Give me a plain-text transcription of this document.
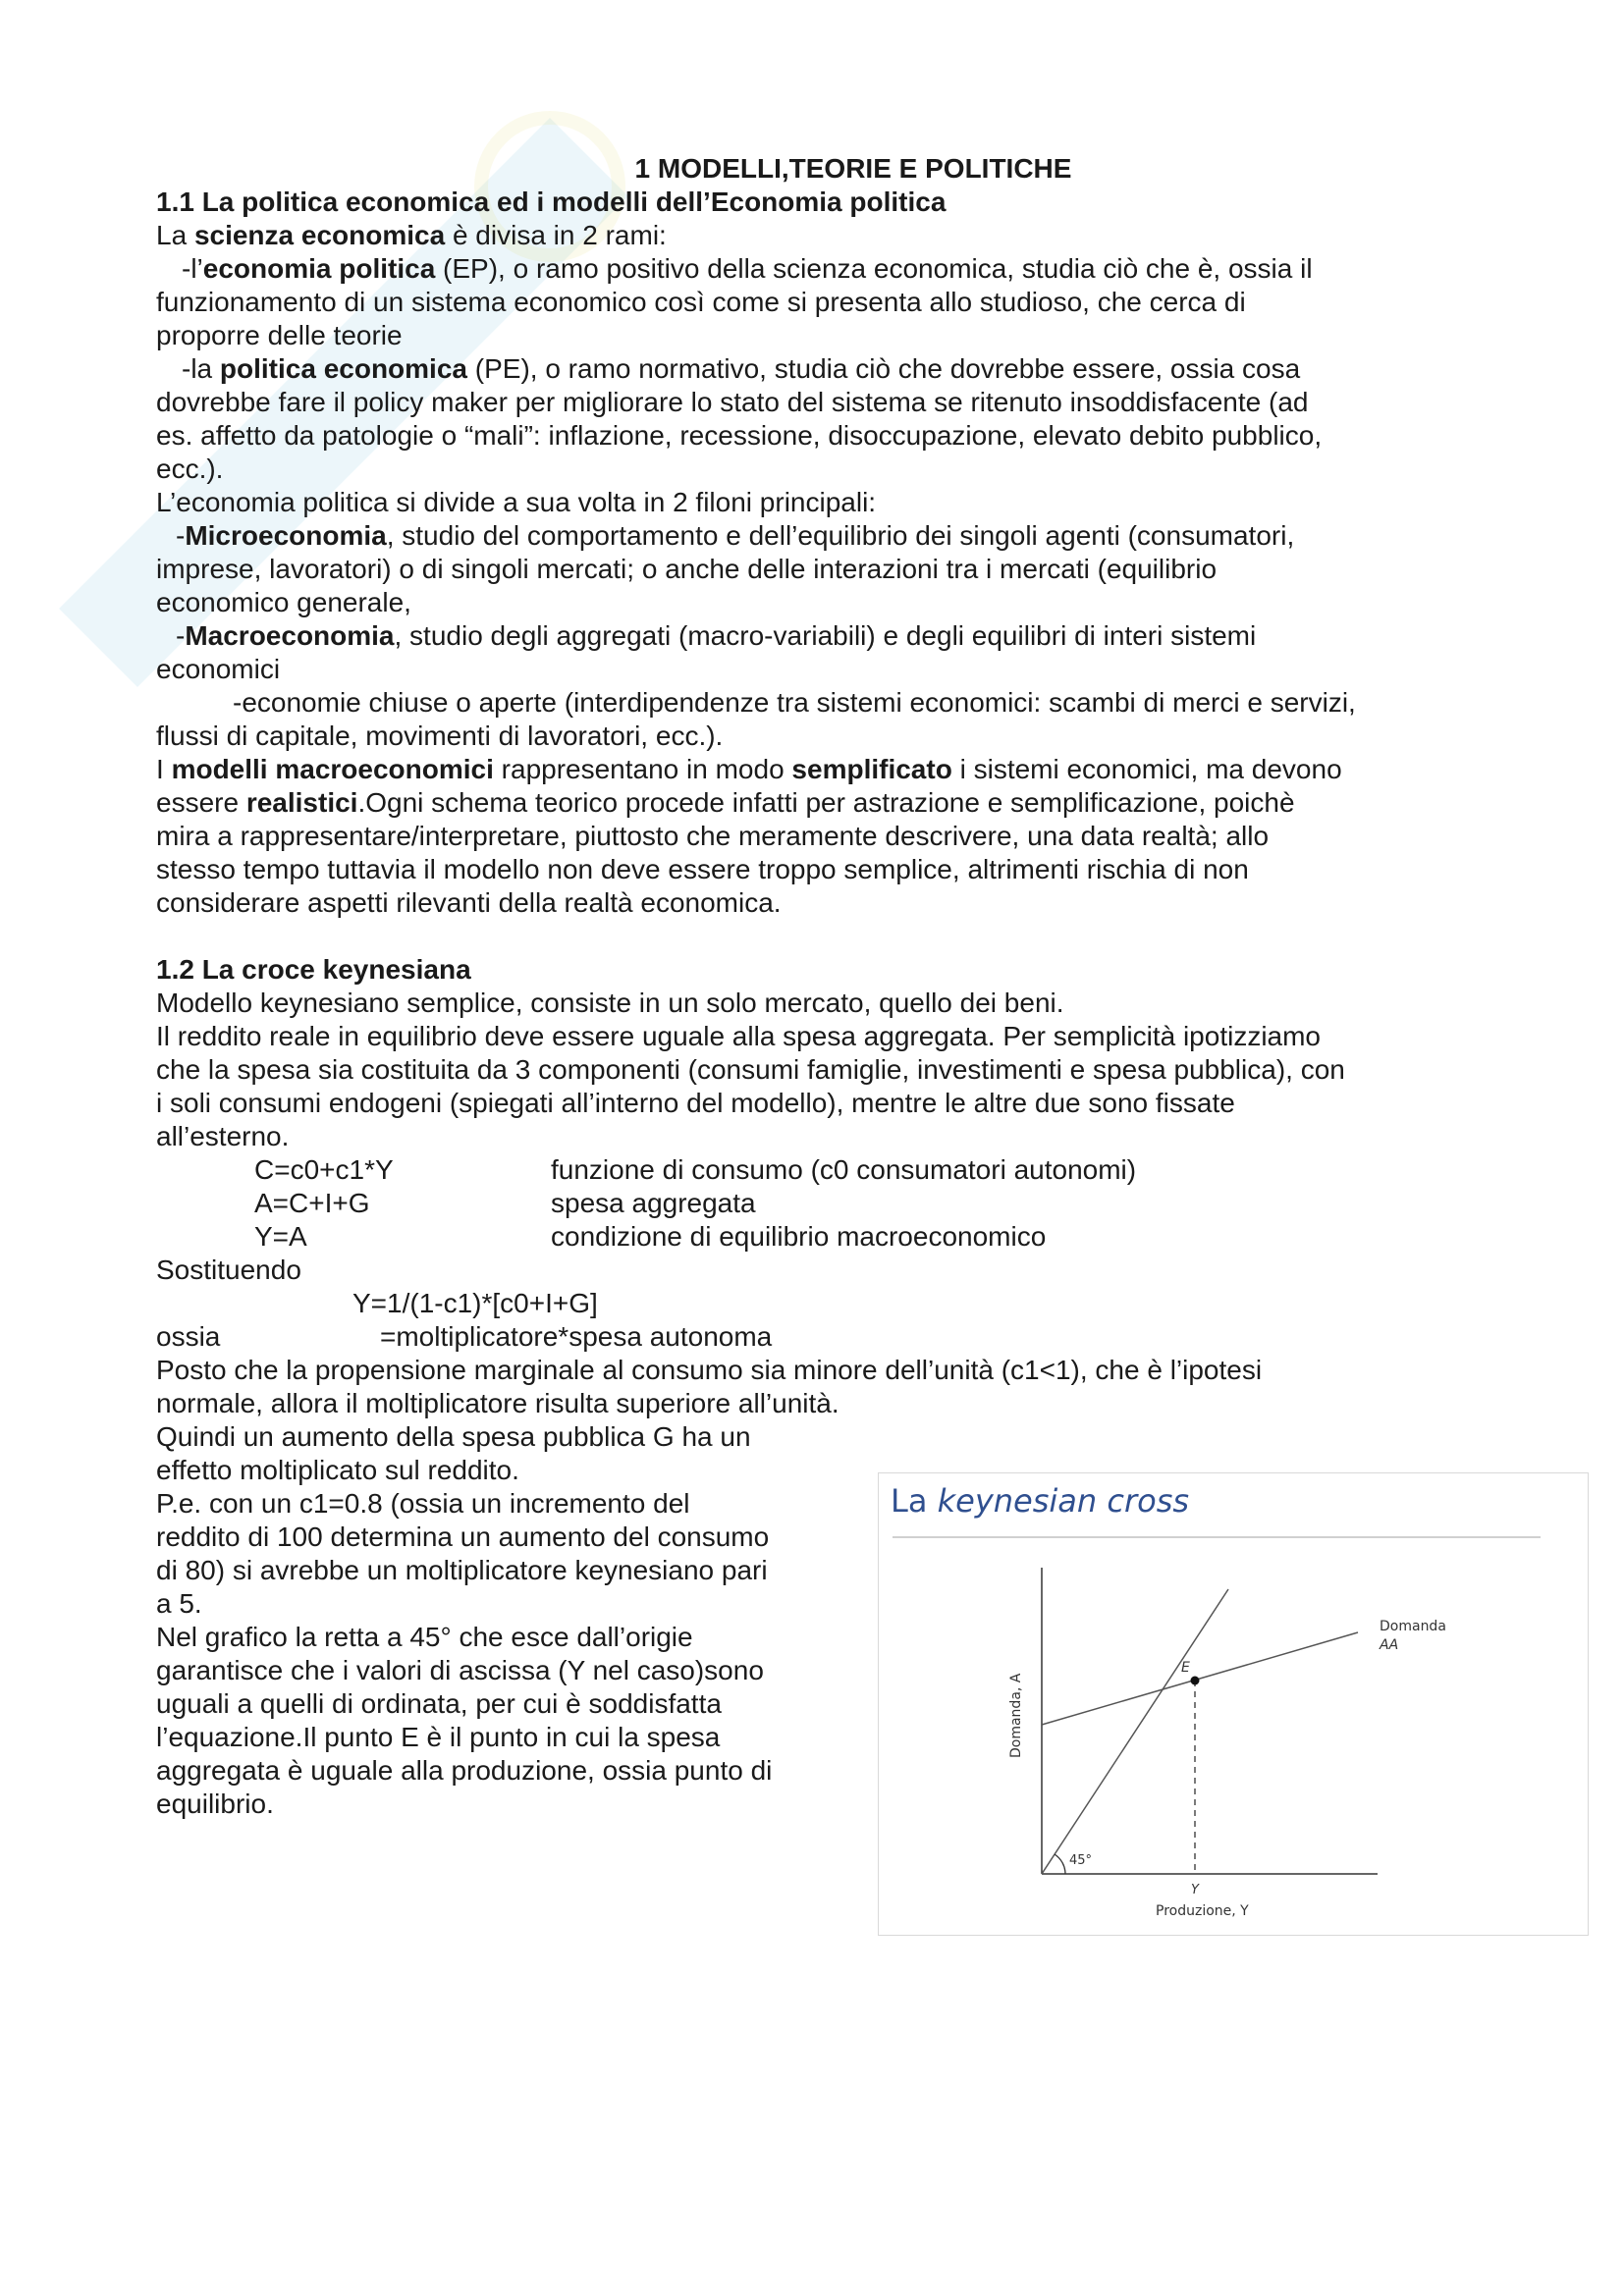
1 MODELLI,TEORIE E POLITICHE

1.1 La politica economica ed i modelli dell’Economia politica

La scienza economica è divisa in 2 rami:

-l’economia politica (EP), o ramo positivo della scienza economica, studia ciò che è, ossia il

funzionamento di un sistema economico così come si presenta allo studioso, che cerca di

proporre delle teorie

-la politica economica (PE), o ramo normativo, studia ciò che dovrebbe essere, ossia cosa

dovrebbe fare il policy maker per migliorare lo stato del sistema se ritenuto insoddisfacente (ad

es. affetto da patologie o “mali”: inflazione, recessione, disoccupazione, elevato debito pubblico,

ecc.).

L’economia politica si divide a sua volta in 2 filoni principali:

-Microeconomia, studio del comportamento e dell’equilibrio dei singoli agenti (consumatori,

imprese, lavoratori) o di singoli mercati; o anche delle interazioni tra i mercati (equilibrio

economico generale,

-Macroeconomia, studio degli aggregati (macro-variabili) e degli equilibri di interi sistemi

economici

-economie chiuse o aperte (interdipendenze tra sistemi economici: scambi di merci e servizi,

flussi di capitale, movimenti di lavoratori, ecc.).

I modelli macroeconomici rappresentano in modo semplificato i sistemi economici, ma devono

essere realistici.Ogni schema teorico procede infatti per astrazione e semplificazione, poichè

mira a rappresentare/interpretare, piuttosto che meramente descrivere, una data realtà; allo

stesso tempo tuttavia il modello non deve essere troppo semplice, altrimenti rischia di non

considerare aspetti rilevanti della realtà economica.

1.2 La croce keynesiana

Modello keynesiano semplice, consiste in un solo mercato, quello dei beni.

Il reddito reale in equilibrio deve essere uguale alla spesa aggregata. Per semplicità ipotizziamo

che la spesa sia costituita da 3 componenti (consumi famiglie, investimenti e spesa pubblica), con

i soli consumi endogeni (spiegati all’interno del modello), mentre le altre due sono fissate

all’esterno.

C=c0+c1*Y	funzione di consumo (c0 consumatori autonomi)
A=C+I+G	spesa aggregata
Y=A	condizione di equilibrio macroeconomico

Sostituendo

Y=1/(1-c1)*[c0+I+G]

ossia	=moltiplicatore*spesa autonoma

Posto che la propensione marginale al consumo sia minore dell’unità (c1<1), che è l’ipotesi

normale, allora il moltiplicatore risulta superiore all’unità.

Quindi un aumento della spesa pubblica G ha un

effetto moltiplicato sul reddito.

P.e. con un c1=0.8 (ossia un incremento del

reddito di 100 determina un aumento del consumo

di 80) si avrebbe un moltiplicatore keynesiano pari

a 5.

Nel grafico la retta a 45° che esce dall’origie

garantisce che i valori di ascissa (Y nel caso)sono

uguali a quelli di ordinata, per cui è soddisfatta

l’equazione.Il punto E è il punto in cui la spesa

aggregata è uguale alla produzione, ossia punto di

equilibrio.

La keynesian cross
E
Domanda
AA
45°
Y
Produzione, Y
Domanda, A
